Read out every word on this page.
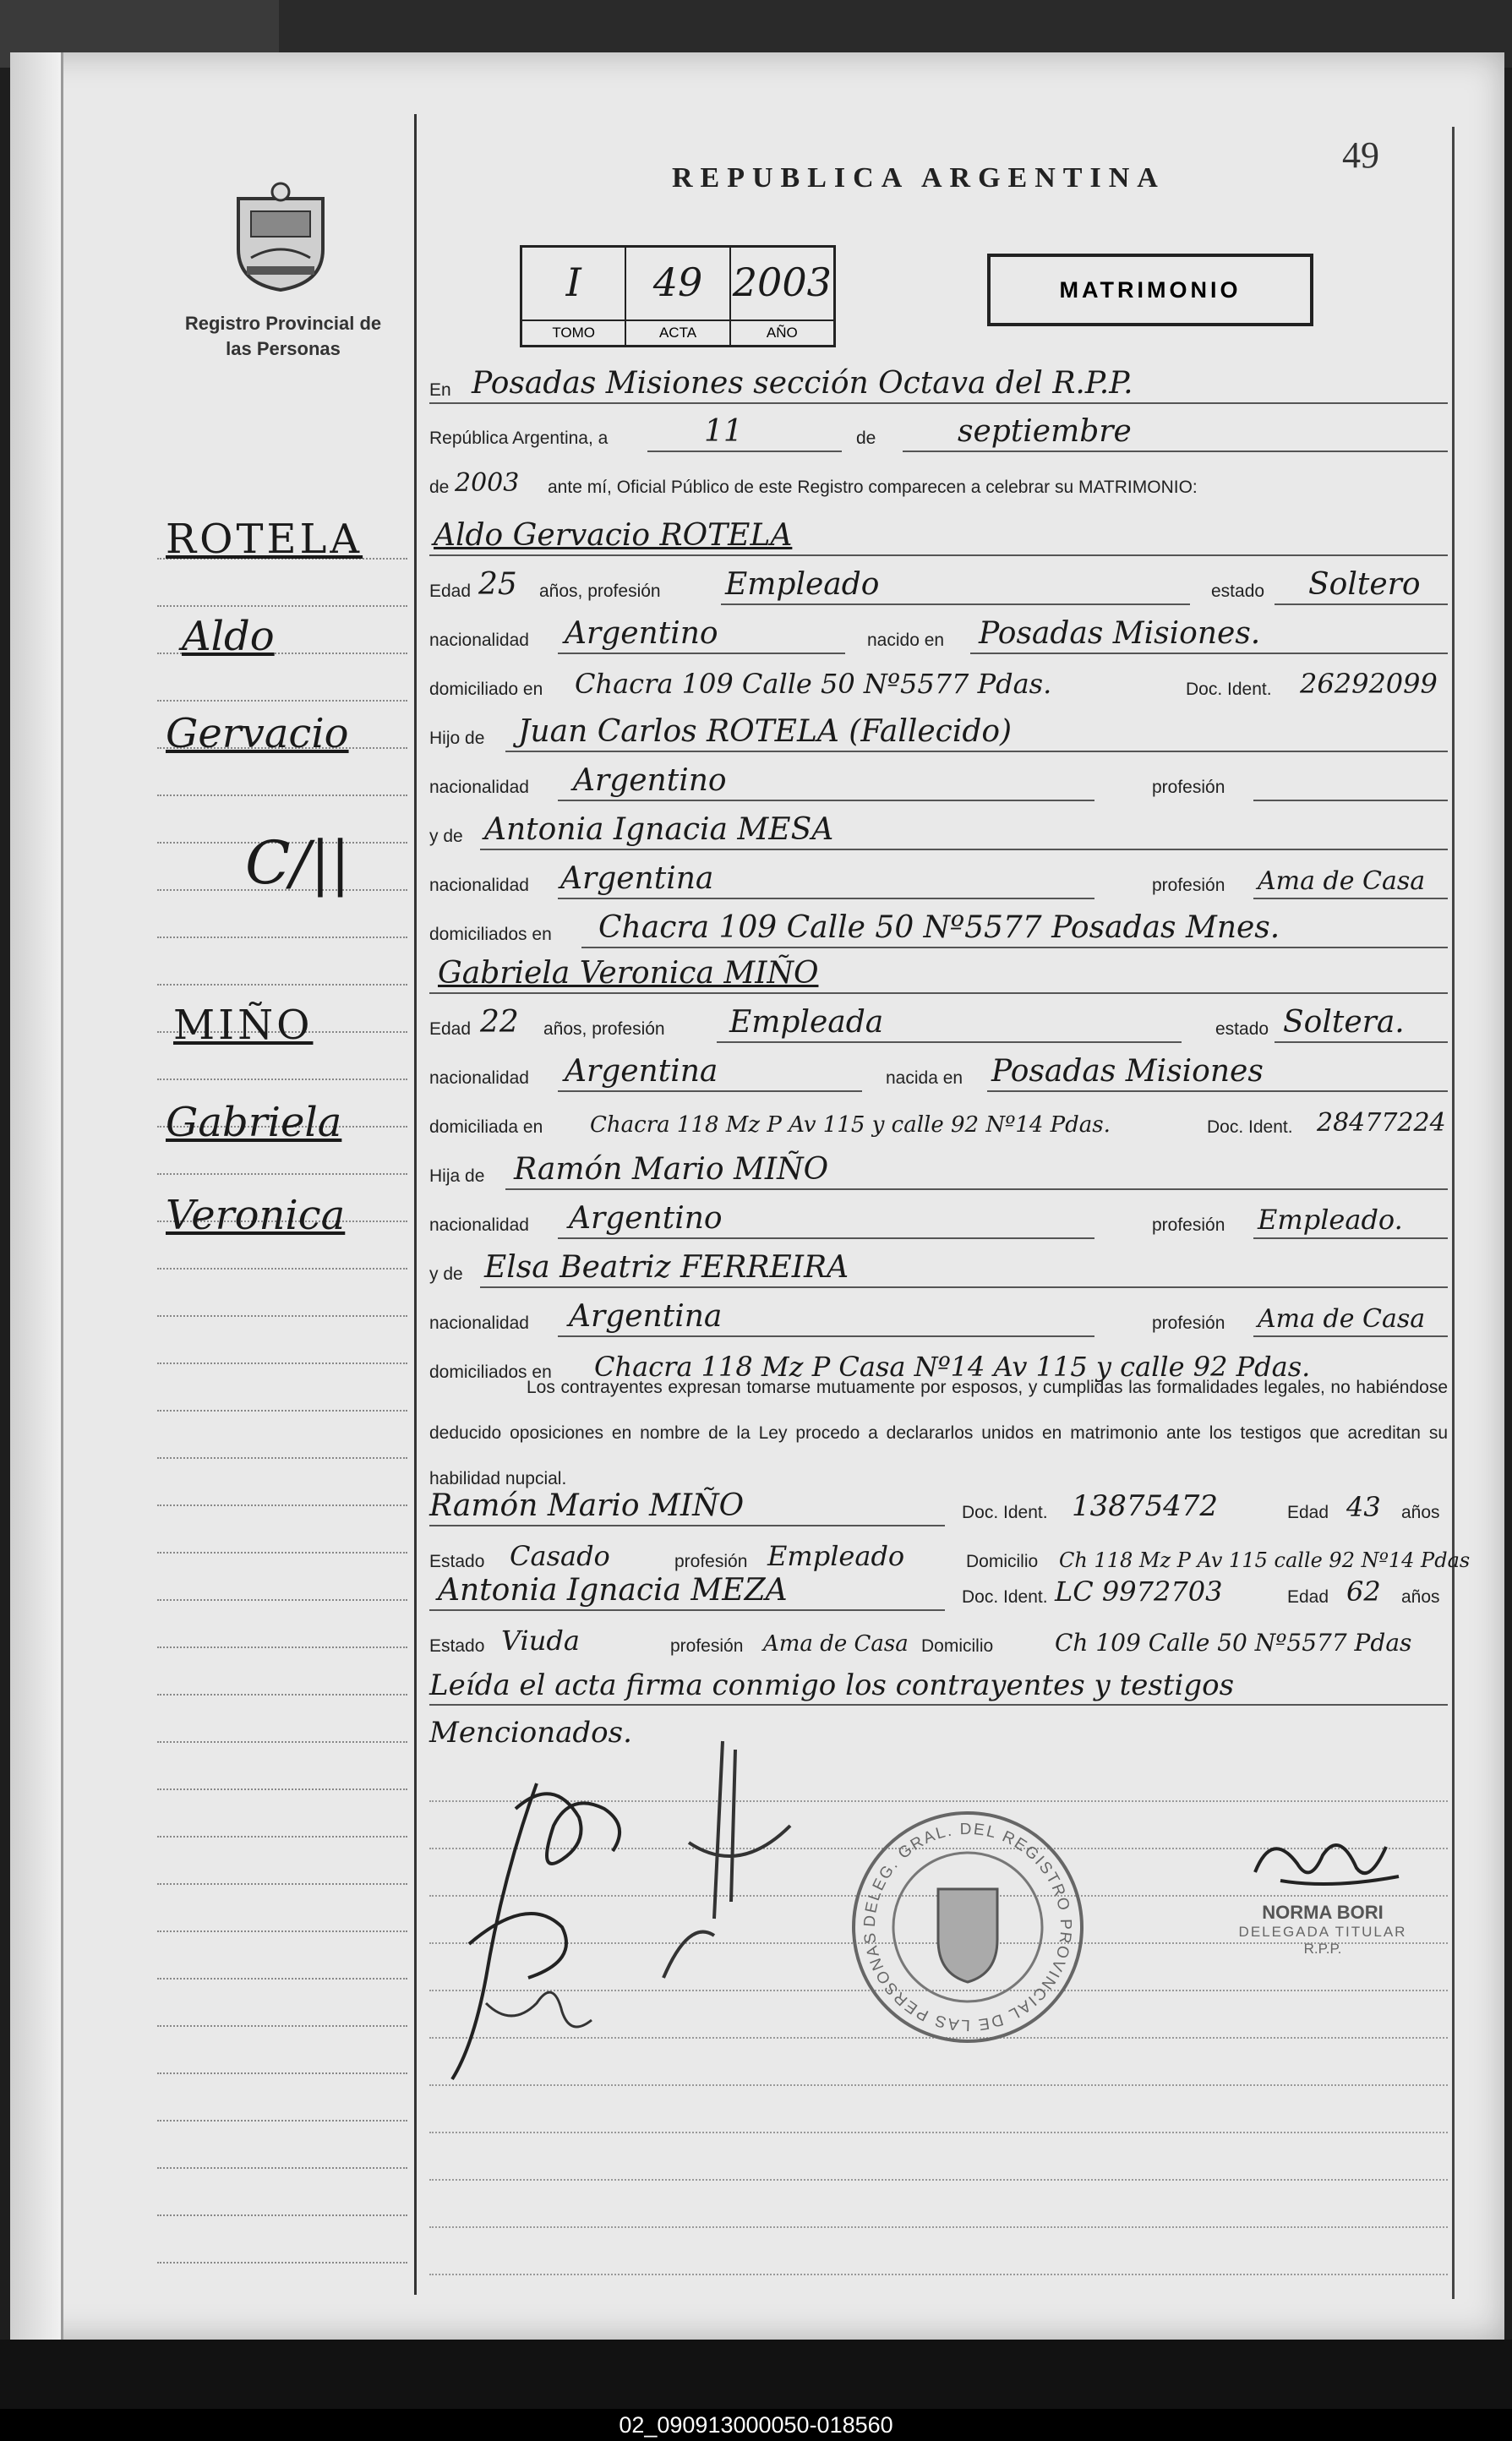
Registro Provincial de las Personas
ROTELA
Aldo
Gervacio
C/||
MIÑO
Gabriela
Veronica
REPUBLICA ARGENTINA
49
I
TOMO
49
ACTA
2003
AÑO
MATRIMONIO
En Posadas Misiones sección Octava del R.P.P.
República Argentina, a	11	de	septiembre
de 2003 ante mí, Oficial Público de este Registro comparecen a celebrar su MATRIMONIO:
Aldo Gervacio ROTELA
Edad 25 años, profesión Empleado	estado Soltero
nacionalidad Argentino	nacido en Posadas Misiones.
domiciliado en Chacra 109 Calle 50 Nº5577 Pdas.	Doc. Ident. 26292099
Hijo de Juan Carlos ROTELA (Fallecido)
nacionalidad Argentino	profesión
y de Antonia Ignacia MESA
nacionalidad Argentina	profesión Ama de Casa
domiciliados en Chacra 109 Calle 50 Nº5577 Posadas Mnes.
Gabriela Veronica MIÑO
Edad 22 años, profesión Empleada	estado Soltera.
nacionalidad Argentina	nacida en Posadas Misiones
domiciliada en Chacra 118 Mz P Av 115 y calle 92 Nº14 Pdas.	Doc. Ident. 28477224
Hija de Ramón Mario MIÑO
nacionalidad Argentino	profesión Empleado.
y de Elsa Beatriz FERREIRA
nacionalidad Argentina	profesión Ama de Casa
domiciliados en Chacra 118 Mz P Casa Nº14 Av 115 y calle 92 Pdas.
Los contrayentes expresan tomarse mutuamente por esposos, y cumplidas las formalidades legales, no habiéndose deducido oposiciones en nombre de la Ley procedo a declararlos unidos en matrimonio ante los testigos que acreditan su habilidad nupcial.
Ramón Mario MIÑO	Doc. Ident. 13875472	Edad 43 años
Estado Casado	profesión Empleado	Domicilio Ch 118 Mz P Av 115 calle 92 Nº14 Pdas
Antonia Ignacia MEZA	Doc. Ident. LC 9972703	Edad 62 años
Estado Viuda	profesión Ama de Casa Domicilio	Ch 109 Calle 50 Nº5577 Pdas
Leída el acta firma conmigo los contrayentes y testigos
Mencionados.
DELEG. GRAL. DEL REGISTRO PROVINCIAL DE LAS PERSONAS
NORMA BORI
DELEGADA TITULAR
R.P.P.
02_090913000050-018560
